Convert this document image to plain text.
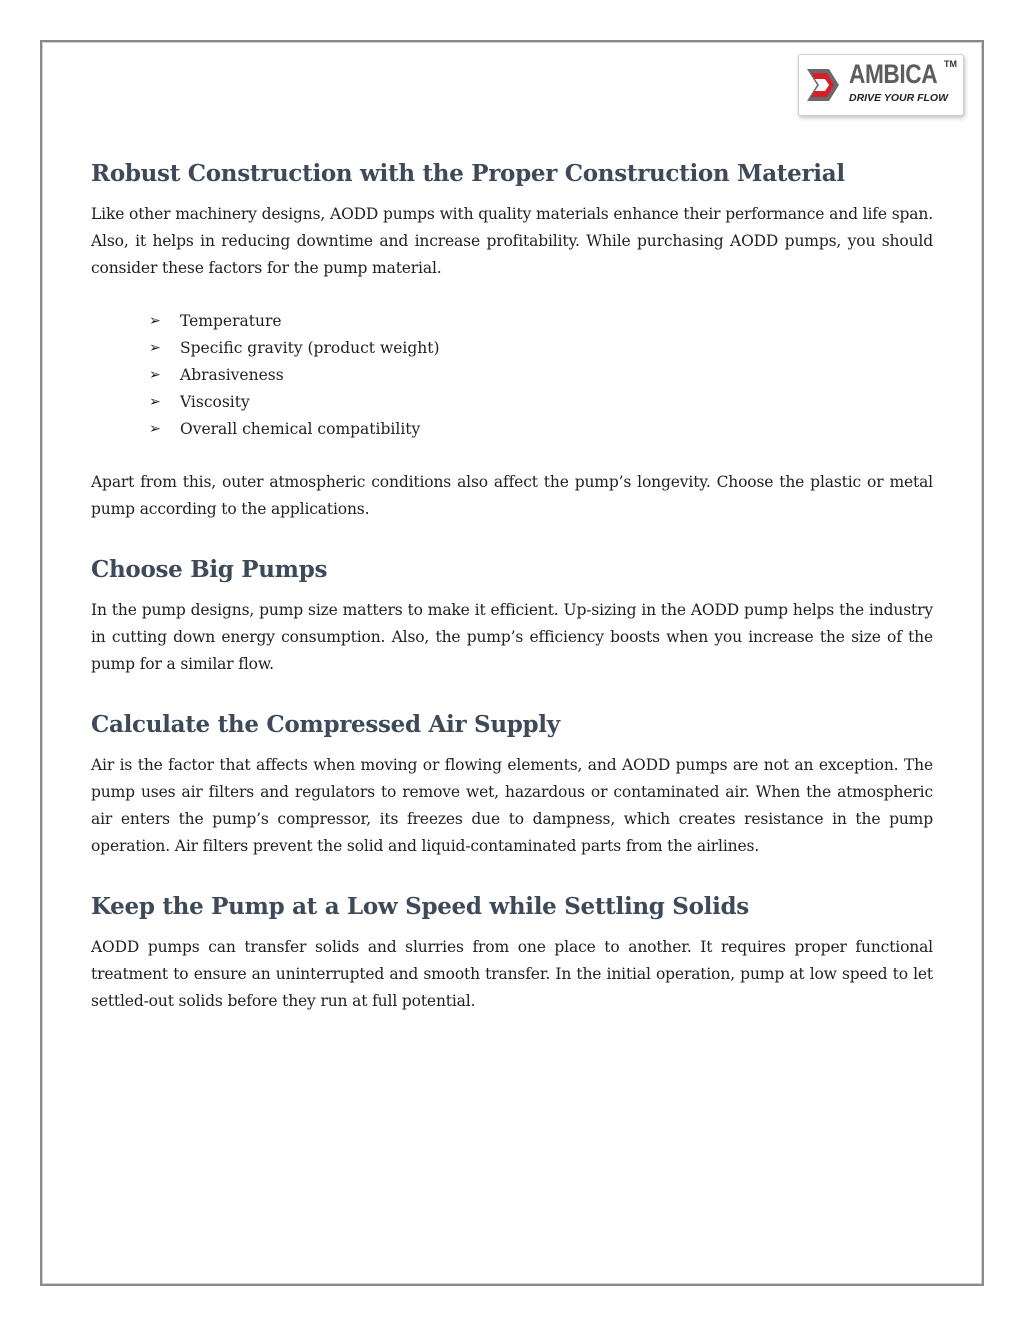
AMBICA TM
DRIVE YOUR FLOW
Robust Construction with the Proper Construction Material

Like other machinery designs, AODD pumps with quality materials enhance their performance and life span. Also, it helps in reducing downtime and increase profitability. While purchasing AODD pumps, you should consider these factors for the pump material.

➢ Temperature
➢ Specific gravity (product weight)
➢ Abrasiveness
➢ Viscosity
➢ Overall chemical compatibility

Apart from this, outer atmospheric conditions also affect the pump’s longevity. Choose the plastic or metal pump according to the applications.

Choose Big Pumps

In the pump designs, pump size matters to make it efficient. Up-sizing in the AODD pump helps the industry in cutting down energy consumption. Also, the pump’s efficiency boosts when you increase the size of the pump for a similar flow.

Calculate the Compressed Air Supply

Air is the factor that affects when moving or flowing elements, and AODD pumps are not an exception. The pump uses air filters and regulators to remove wet, hazardous or contaminated air. When the atmospheric air enters the pump’s compressor, its freezes due to dampness, which creates resistance in the pump operation. Air filters prevent the solid and liquid-contaminated parts from the airlines.

Keep the Pump at a Low Speed while Settling Solids

AODD pumps can transfer solids and slurries from one place to another. It requires proper functional treatment to ensure an uninterrupted and smooth transfer. In the initial operation, pump at low speed to let settled-out solids before they run at full potential.
